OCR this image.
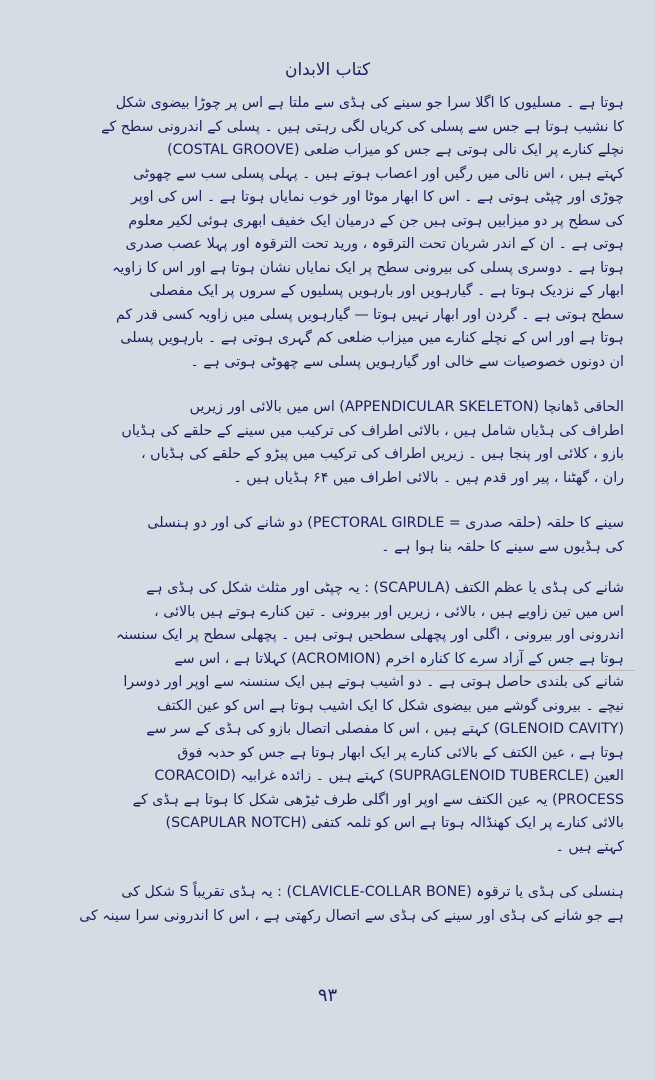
کتاب الابدان

ہوتا ہے ۔ مسلیوں کا اگلا سرا جو سینے کی ہڈی سے ملتا ہے اس پر چوڑا بیضوی شکل
کا نشیب ہوتا ہے جس سے پسلی کی کریاں لگی رہتی ہیں ۔ پسلی کے اندرونی سطح کے
نچلے کنارے پر ایک نالی ہوتی ہے جس کو میزاب ضلعی (COSTAL GROOVE)
کہتے ہیں ، اس نالی میں رگیں اور اعصاب ہوتے ہیں ۔ پہلی پسلی سب سے چھوٹی
چوڑی اور چپٹی ہوتی ہے ۔ اس کا ابھار موٹا اور خوب نمایاں ہوتا ہے ۔ اس کی اوپر
کی سطح پر دو میزابیں ہوتی ہیں جن کے درمیان ایک خفیف ابھری ہوئی لکیر معلوم
ہوتی ہے ۔ ان کے اندر شریان تحت الترقوہ ، ورید تحت الترقوہ اور پہلا عصب صدری
ہوتا ہے ۔ دوسری پسلی کی بیرونی سطح پر ایک نمایاں نشان ہوتا ہے اور اس کا زاویہ
ابھار کے نزدیک ہوتا ہے ۔ گیارہویں اور بارہویں پسلیوں کے سروں پر ایک مفصلی
سطح ہوتی ہے ۔ گردن اور ابھار نہیں ہوتا — گیارہویں پسلی میں زاویہ کسی قدر کم
ہوتا ہے اور اس کے نچلے کنارے میں میزاب ضلعی کم گہری ہوتی ہے ۔ بارہویں پسلی
ان دونوں خصوصیات سے خالی اور گیارہویں پسلی سے چھوٹی ہوتی ہے ۔

الحاقی ڈھانچا (APPENDICULAR SKELETON) اس میں بالائی اور زیریں
اطراف کی ہڈیاں شامل ہیں ، بالائی اطراف کی ترکیب میں سینے کے حلقے کی ہڈیاں
بازو ، کلائی اور پنجا ہیں ۔ زیریں اطراف کی ترکیب میں پیڑو کے حلقے کی ہڈیاں ،
ران ، گھٹنا ، پیر اور قدم ہیں ۔ بالائی اطراف میں ۶۴ ہڈیاں ہیں ۔

سینے کا حلقہ (حلقہ صدری = PECTORAL GIRDLE) دو شانے کی اور دو ہنسلی
کی ہڈیوں سے سینے کا حلقہ بنا ہوا ہے ۔

شانے کی ہڈی یا عظم الکتف (SCAPULA) : یہ چپٹی اور مثلث شکل کی ہڈی ہے
اس میں تین زاویے ہیں ، بالائی ، زیریں اور بیرونی ۔ تین کنارے ہوتے ہیں بالائی ،
اندرونی اور بیرونی ، اگلی اور پچھلی سطحیں ہوتی ہیں ۔ پچھلی سطح پر ایک سنسنہ
ہوتا ہے جس کے آزاد سرے کا کنارہ اخرم (ACROMION) کہلاتا ہے ، اس سے
شانے کی بلندی حاصل ہوتی ہے ۔ دو اشیب ہوتے ہیں ایک سنسنہ سے اوپر اور دوسرا
نیچے ۔ بیرونی گوشے میں بیضوی شکل کا ایک اشیب ہوتا ہے اس کو عین الکتف
(GLENOID CAVITY) کہتے ہیں ، اس کا مفصلی اتصال بازو کی ہڈی کے سر سے
ہوتا ہے ، عین الکتف کے بالائی کنارے پر ایک ابھار ہوتا ہے جس کو حدبہ فوق
العین (SUPRAGLENOID TUBERCLE) کہتے ہیں ۔ زائدہ غرابیہ (CORACOID
PROCESS) یہ عین الکتف سے اوپر اور اگلی طرف ٹیڑھی شکل کا ہوتا ہے ہڈی کے
بالائی کنارے پر ایک کھنڈالہ ہوتا ہے اس کو ثلمہ کتفی (SCAPULAR NOTCH)
کہتے ہیں ۔

ہنسلی کی ہڈی یا ترقوہ (CLAVICLE-COLLAR BONE) : یہ ہڈی تقریباً S شکل کی
ہے جو شانے کی ہڈی اور سینے کی ہڈی سے اتصال رکھتی ہے ، اس کا اندرونی سرا سینہ کی

۹۳
